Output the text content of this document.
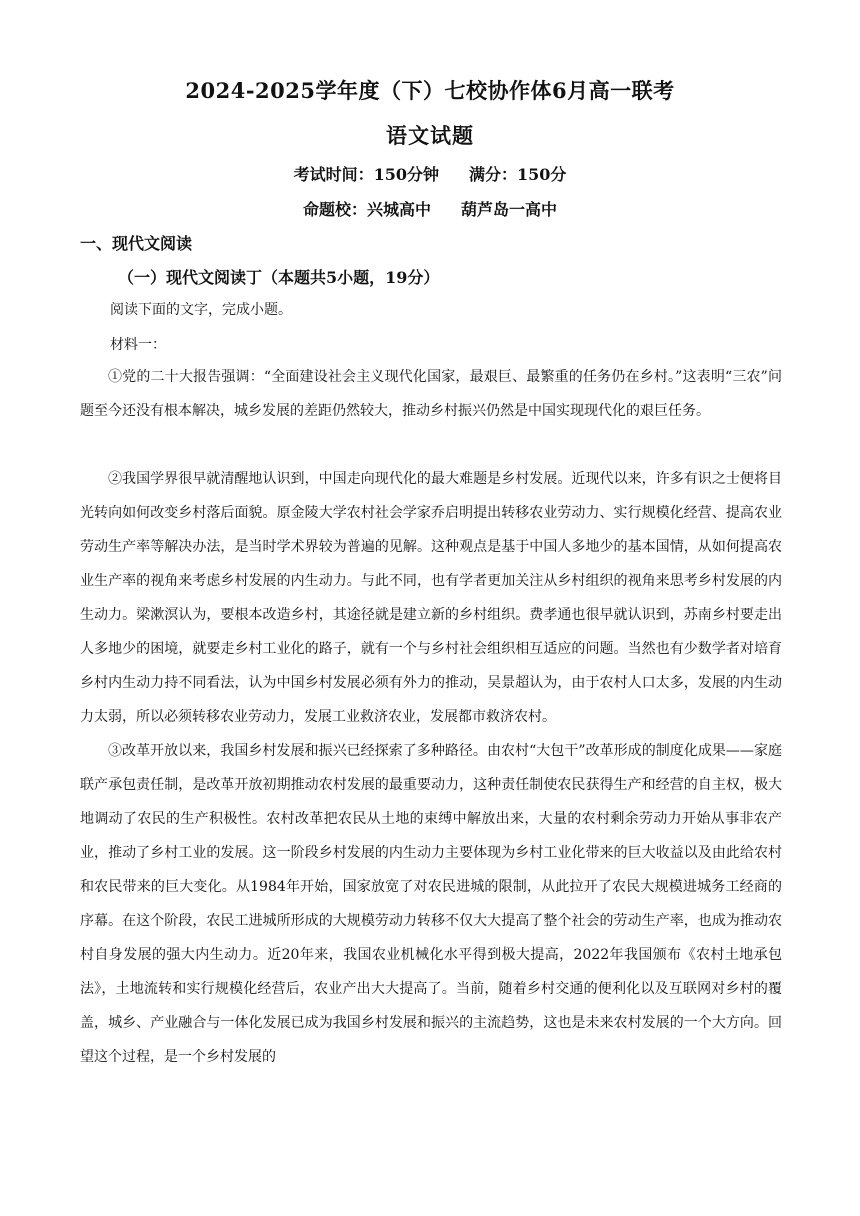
2024-2025学年度（下）七校协作体6月高一联考
语文试题
考试时间：150分钟 满分：150分
命题校：兴城高中 葫芦岛一高中
一、现代文阅读
（一）现代文阅读丁（本题共5小题，19分）
阅读下面的文字，完成小题。
材料一：

①党的二十大报告强调：“全面建设社会主义现代化国家，最艰巨、最繁重的任务仍在乡村。”这表明“三农”问题至今还没有根本解决，城乡发展的差距仍然较大，推动乡村振兴仍然是中国实现现代化的艰巨任务。

②我国学界很早就清醒地认识到，中国走向现代化的最大难题是乡村发展。近现代以来，许多有识之士便将目光转向如何改变乡村落后面貌。原金陵大学农村社会学家乔启明提出转移农业劳动力、实行规模化经营、提高农业劳动生产率等解决办法，是当时学术界较为普遍的见解。这种观点是基于中国人多地少的基本国情，从如何提高农业生产率的视角来考虑乡村发展的内生动力。与此不同，也有学者更加关注从乡村组织的视角来思考乡村发展的内生动力。梁漱溟认为，要根本改造乡村，其途径就是建立新的乡村组织。费孝通也很早就认识到，苏南乡村要走出人多地少的困境，就要走乡村工业化的路子，就有一个与乡村社会组织相互适应的问题。当然也有少数学者对培育乡村内生动力持不同看法，认为中国乡村发展必须有外力的推动，吴景超认为，由于农村人口太多，发展的内生动力太弱，所以必须转移农业劳动力，发展工业救济农业，发展都市救济农村。

③改革开放以来，我国乡村发展和振兴已经探索了多种路径。由农村“大包干”改革形成的制度化成果——家庭联产承包责任制，是改革开放初期推动农村发展的最重要动力，这种责任制使农民获得生产和经营的自主权，极大地调动了农民的生产积极性。农村改革把农民从土地的束缚中解放出来，大量的农村剩余劳动力开始从事非农产业，推动了乡村工业的发展。这一阶段乡村发展的内生动力主要体现为乡村工业化带来的巨大收益以及由此给农村和农民带来的巨大变化。从1984年开始，国家放宽了对农民进城的限制，从此拉开了农民大规模进城务工经商的序幕。在这个阶段，农民工进城所形成的大规模劳动力转移不仅大大提高了整个社会的劳动生产率，也成为推动农村自身发展的强大内生动力。近20年来，我国农业机械化水平得到极大提高，2022年我国颁布《农村土地承包法》，土地流转和实行规模化经营后，农业产出大大提高了。当前，随着乡村交通的便利化以及互联网对乡村的覆盖，城乡、产业融合与一体化发展已成为我国乡村发展和振兴的主流趋势，这也是未来农村发展的一个大方向。回望这个过程，是一个乡村发展的
